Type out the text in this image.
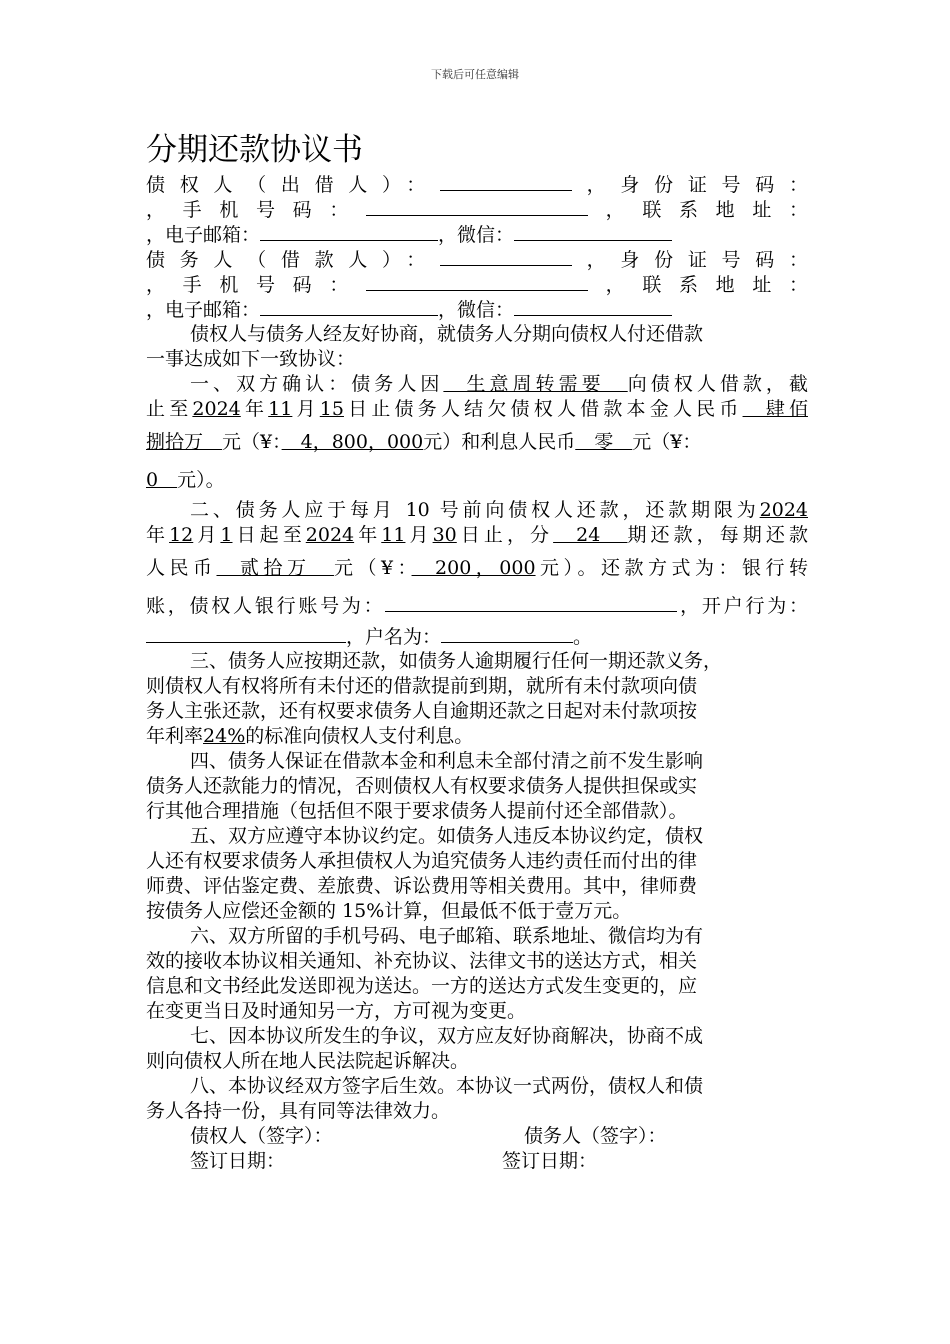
下载后可任意编辑
分期还款协议书
债权人（出借人）：	，身份证号码：
，手机号码：	，联系地址：
，电子邮箱：	，微信：
债务人（借款人）：	，身份证号码：
，手机号码：	，联系地址：
，电子邮箱：	，微信：
债权人与债务人经友好协商，就债务人分期向债权人付还借款
一事达成如下一致协议：
一、双方确认：债务人因　生意周转需要　向债权人借款，截
止至2024年11月15日止债务人结欠债权人借款本金人民币　肆佰
捌拾万　元（¥：　4，800，000元）和利息人民币　零　元（¥：
0　元）。
二、债务人应于每月 10 号前向债权人还款，还款期限为2024
年12月1日起至2024年11月30日止，分　24　期还款，每期还款
人民币　贰拾万　元（¥：　200，000元）。还款方式为：银行转
账，债权人银行账号为：	，开户行为：
，户名为：	。
三、债务人应按期还款，如债务人逾期履行任何一期还款义务，
则债权人有权将所有未付还的借款提前到期，就所有未付款项向债
务人主张还款，还有权要求债务人自逾期还款之日起对未付款项按
年利率24%的标准向债权人支付利息。
四、债务人保证在借款本金和利息未全部付清之前不发生影响
债务人还款能力的情况，否则债权人有权要求债务人提供担保或实
行其他合理措施（包括但不限于要求债务人提前付还全部借款）。
五、双方应遵守本协议约定。如债务人违反本协议约定，债权
人还有权要求债务人承担债权人为追究债务人违约责任而付出的律
师费、评估鉴定费、差旅费、诉讼费用等相关费用。其中，律师费
按债务人应偿还金额的 15%计算，但最低不低于壹万元。
六、双方所留的手机号码、电子邮箱、联系地址、微信均为有
效的接收本协议相关通知、补充协议、法律文书的送达方式，相关
信息和文书经此发送即视为送达。一方的送达方式发生变更的，应
在变更当日及时通知另一方，方可视为变更。
七、因本协议所发生的争议，双方应友好协商解决，协商不成
则向债权人所在地人民法院起诉解决。
八、本协议经双方签字后生效。本协议一式两份，债权人和债
务人各持一份，具有同等法律效力。
债权人（签字）：	债务人（签字）：
签订日期：	签订日期：
